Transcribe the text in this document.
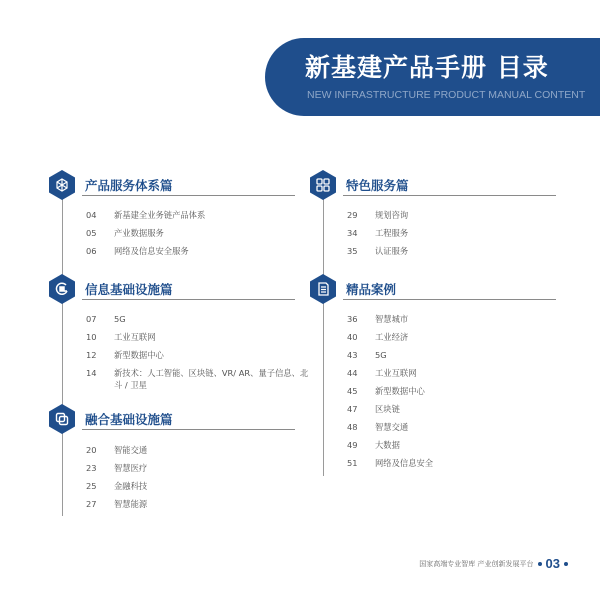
新基建产品手册 目录
NEW INFRASTRUCTURE PRODUCT MANUAL CONTENT
产品服务体系篇
04 新基建全业务链产品体系
05 产业数据服务
06 网络及信息安全服务
信息基础设施篇
07 5G
10 工业互联网
12 新型数据中心
14 新技术：人工智能、区块链、VR/ AR、量子信息、北斗 / 卫星
融合基础设施篇
20 智能交通
23 智慧医疗
25 金融科技
27 智慧能源
特色服务篇
29 规划咨询
34 工程服务
35 认证服务
精品案例
36 智慧城市
40 工业经济
43 5G
44 工业互联网
45 新型数据中心
47 区块链
48 智慧交通
49 大数据
51 网络及信息安全
国家高端专业智库 产业创新发展平台 03
